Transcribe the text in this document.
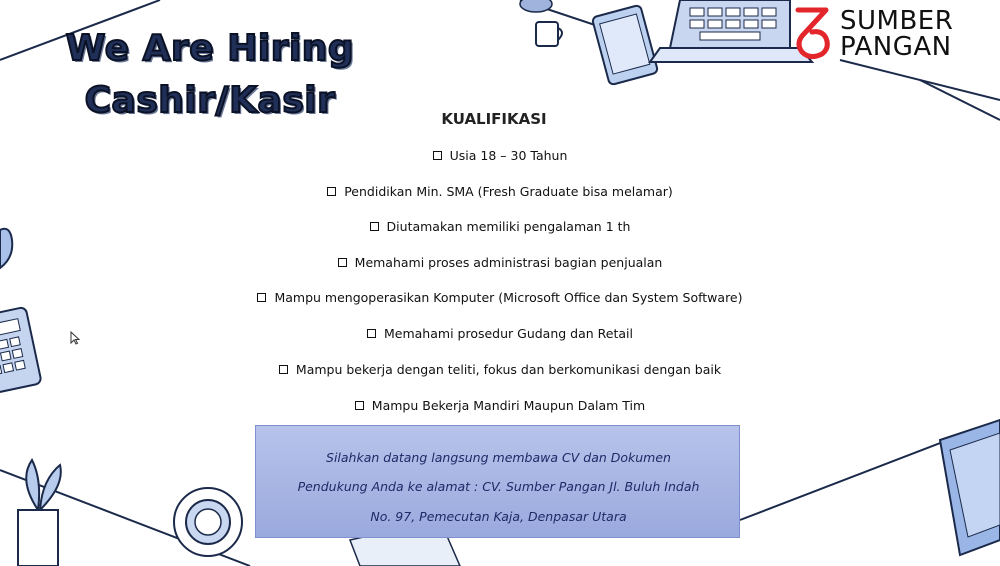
We Are Hiring
Cashir/Kasir
SUMBER
PANGAN
KUALIFIKASI
Usia 18 – 30 Tahun
Pendidikan Min. SMA (Fresh Graduate bisa melamar)
Diutamakan memiliki pengalaman 1 th
Memahami proses administrasi bagian penjualan
Mampu mengoperasikan Komputer (Microsoft Office dan System Software)
Memahami prosedur Gudang dan Retail
Mampu bekerja dengan teliti, fokus dan berkomunikasi dengan baik
Mampu Bekerja Mandiri Maupun Dalam Tim
Silahkan datang langsung membawa CV dan Dokumen
Pendukung Anda ke alamat : CV. Sumber Pangan Jl. Buluh Indah
No. 97, Pemecutan Kaja, Denpasar Utara
